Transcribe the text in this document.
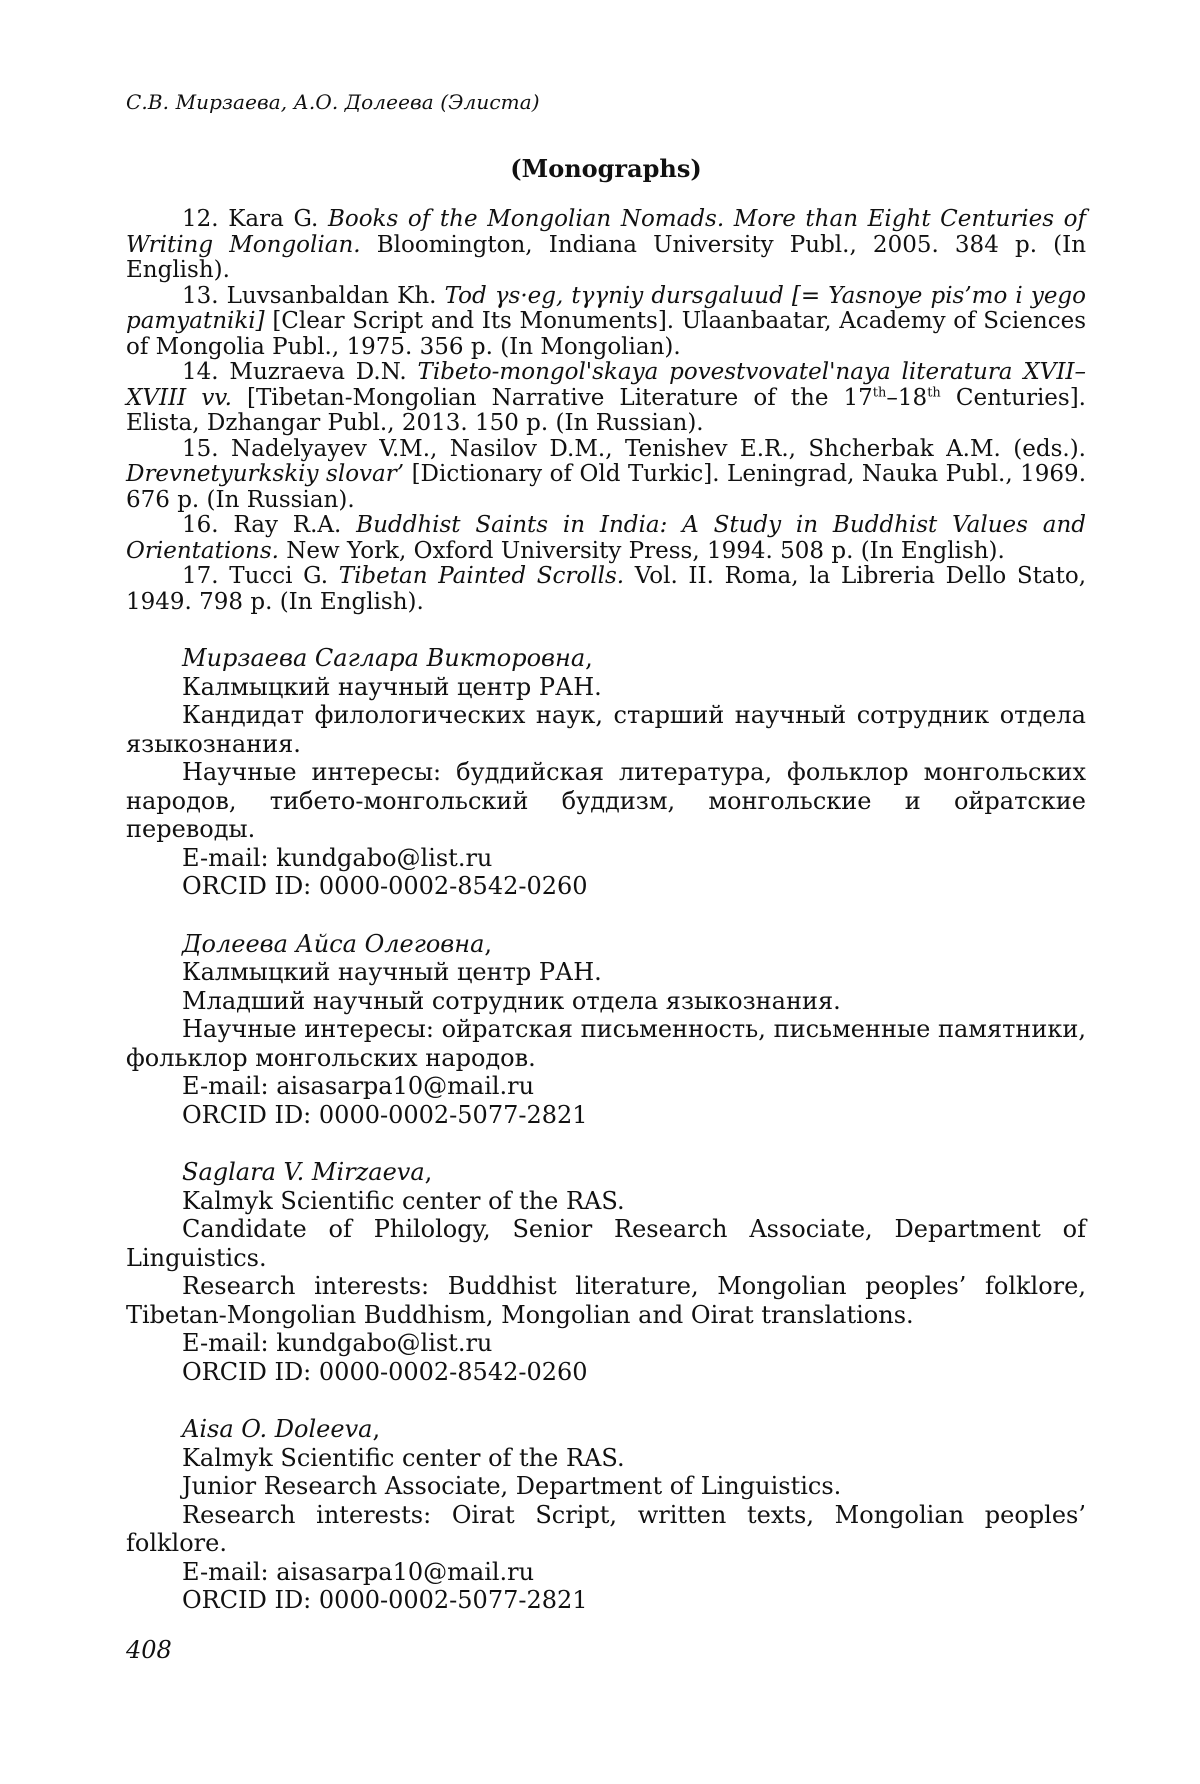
С.В. Мирзаева, А.О. Долеева (Элиста)
(Monographs)

12. Kara G. Books of the Mongolian Nomads. More than Eight Centuries of Writing Mongolian. Bloomington, Indiana University Publ., 2005. 384 p. (In English).

13. Luvsanbaldan Kh. Tod γs·eg, tγγniy dursgaluud [= Yasnoye pis’mo i yego pamyatniki] [Clear Script and Its Monuments]. Ulaanbaatar, Academy of Sciences of Mongolia Publ., 1975. 356 p. (In Mongolian).

14. Muzraeva D.N. Tibeto-mongol'skaya povestvovatel'naya literatura XVII–XVIII vv. [Tibetan-Mongolian Narrative Literature of the 17th–18th Centuries]. Elista, Dzhangar Publ., 2013. 150 p. (In Russian).

15. Nadelyayev V.M., Nasilov D.M., Tenishev E.R., Shcherbak A.M. (eds.). Drevnetyurkskiy slovar’ [Dictionary of Old Turkic]. Leningrad, Nauka Publ., 1969. 676 p. (In Russian).

16. Ray R.A. Buddhist Saints in India: A Study in Buddhist Values and Orientations. New York, Oxford University Press, 1994. 508 p. (In English).

17. Tucci G. Tibetan Painted Scrolls. Vol. II. Roma, la Libreria Dello Stato, 1949. 798 p. (In English).

Мирзаева Саглара Викторовна,

Калмыцкий научный центр РАН.

Кандидат филологических наук, старший научный сотрудник отдела языкознания.

Научные интересы: буддийская литература, фольклор монгольских народов, тибето-монгольский буддизм, монгольские и ойратские переводы.

E-mail: kundgabo@list.ru

ORCID ID: 0000-0002-8542-0260

Долеева Айса Олеговна,

Калмыцкий научный центр РАН.

Младший научный сотрудник отдела языкознания.

Научные интересы: ойратская письменность, письменные памятники, фольклор монгольских народов.

E-mail: aisasarpa10@mail.ru

ORCID ID: 0000-0002-5077-2821

Saglara V. Mirzaeva,

Kalmyk Scientific center of the RAS.

Candidate of Philology, Senior Research Associate, Department of Linguistics.

Research interests: Buddhist literature, Mongolian peoples’ folklore, Tibetan-Mongolian Buddhism, Mongolian and Oirat translations.

E-mail: kundgabo@list.ru

ORCID ID: 0000-0002-8542-0260

Aisa O. Doleeva,

Kalmyk Scientific center of the RAS.

Junior Research Associate, Department of Linguistics.

Research interests: Oirat Script, written texts, Mongolian peoples’ folklore.

E-mail: aisasarpa10@mail.ru

ORCID ID: 0000-0002-5077-2821

408
